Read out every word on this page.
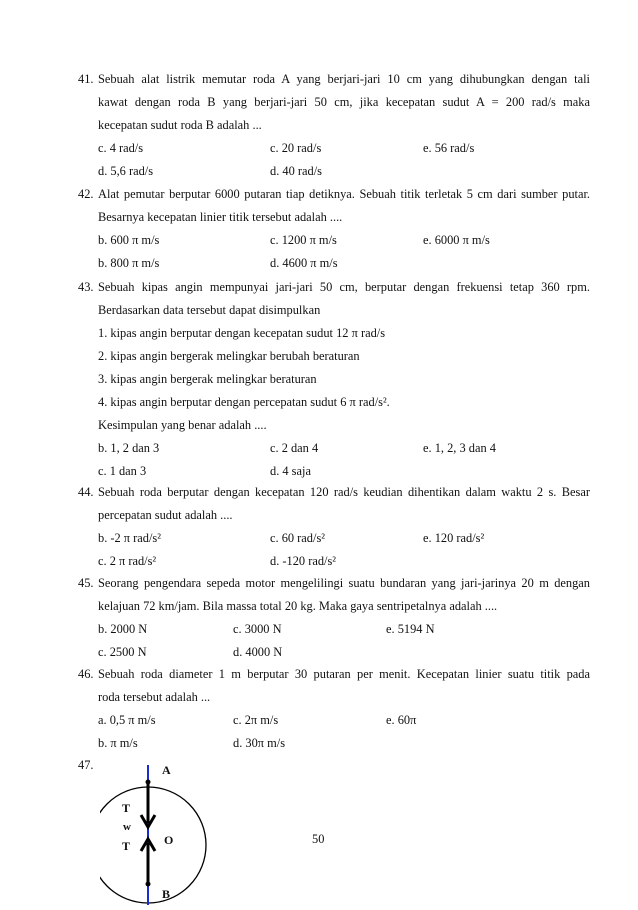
41. Sebuah alat listrik memutar roda A yang berjari-jari 10 cm yang dihubungkan dengan tali
kawat dengan roda B yang berjari-jari 50 cm, jika kecepatan sudut A = 200 rad/s maka
kecepatan sudut roda B adalah ...
c. 4 rad/s	c. 20 rad/s	e. 56 rad/s
d. 5,6 rad/s	d. 40 rad/s
42. Alat pemutar berputar 6000 putaran tiap detiknya. Sebuah titik terletak 5 cm dari sumber putar.
Besarnya kecepatan linier titik tersebut adalah ....
b. 600 π m/s	c. 1200 π m/s	e. 6000 π m/s
b. 800 π m/s	d. 4600 π m/s
43. Sebuah kipas angin mempunyai jari-jari 50 cm, berputar dengan frekuensi tetap 360 rpm.
Berdasarkan data tersebut dapat disimpulkan
1. kipas angin berputar dengan kecepatan sudut 12 π rad/s
2. kipas angin bergerak melingkar berubah beraturan
3. kipas angin bergerak melingkar beraturan
4. kipas angin berputar dengan percepatan sudut 6 π rad/s².
Kesimpulan yang benar adalah ....
b. 1, 2 dan 3	c. 2 dan 4	e. 1, 2, 3 dan 4
c. 1 dan 3	d. 4 saja
44. Sebuah roda berputar dengan kecepatan 120 rad/s keudian dihentikan dalam waktu 2 s. Besar
percepatan sudut adalah ....
b. -2 π rad/s²	c. 60 rad/s²	e. 120 rad/s²
c. 2 π rad/s²	d. -120 rad/s²
45. Seorang pengendara sepeda motor mengelilingi suatu bundaran yang jari-jarinya 20 m dengan
kelajuan 72 km/jam. Bila massa total 20 kg. Maka gaya sentripetalnya adalah ....
b. 2000 N	c. 3000 N	e. 5194 N
c. 2500 N	d. 4000 N
46. Sebuah roda diameter 1 m berputar 30 putaran per menit. Kecepatan linier suatu titik pada
roda tersebut adalah ...
a. 0,5 π m/s	c. 2π m/s	e. 60π
b. π m/s	d. 30π m/s
47.	A
O
B
T
w
T	50
